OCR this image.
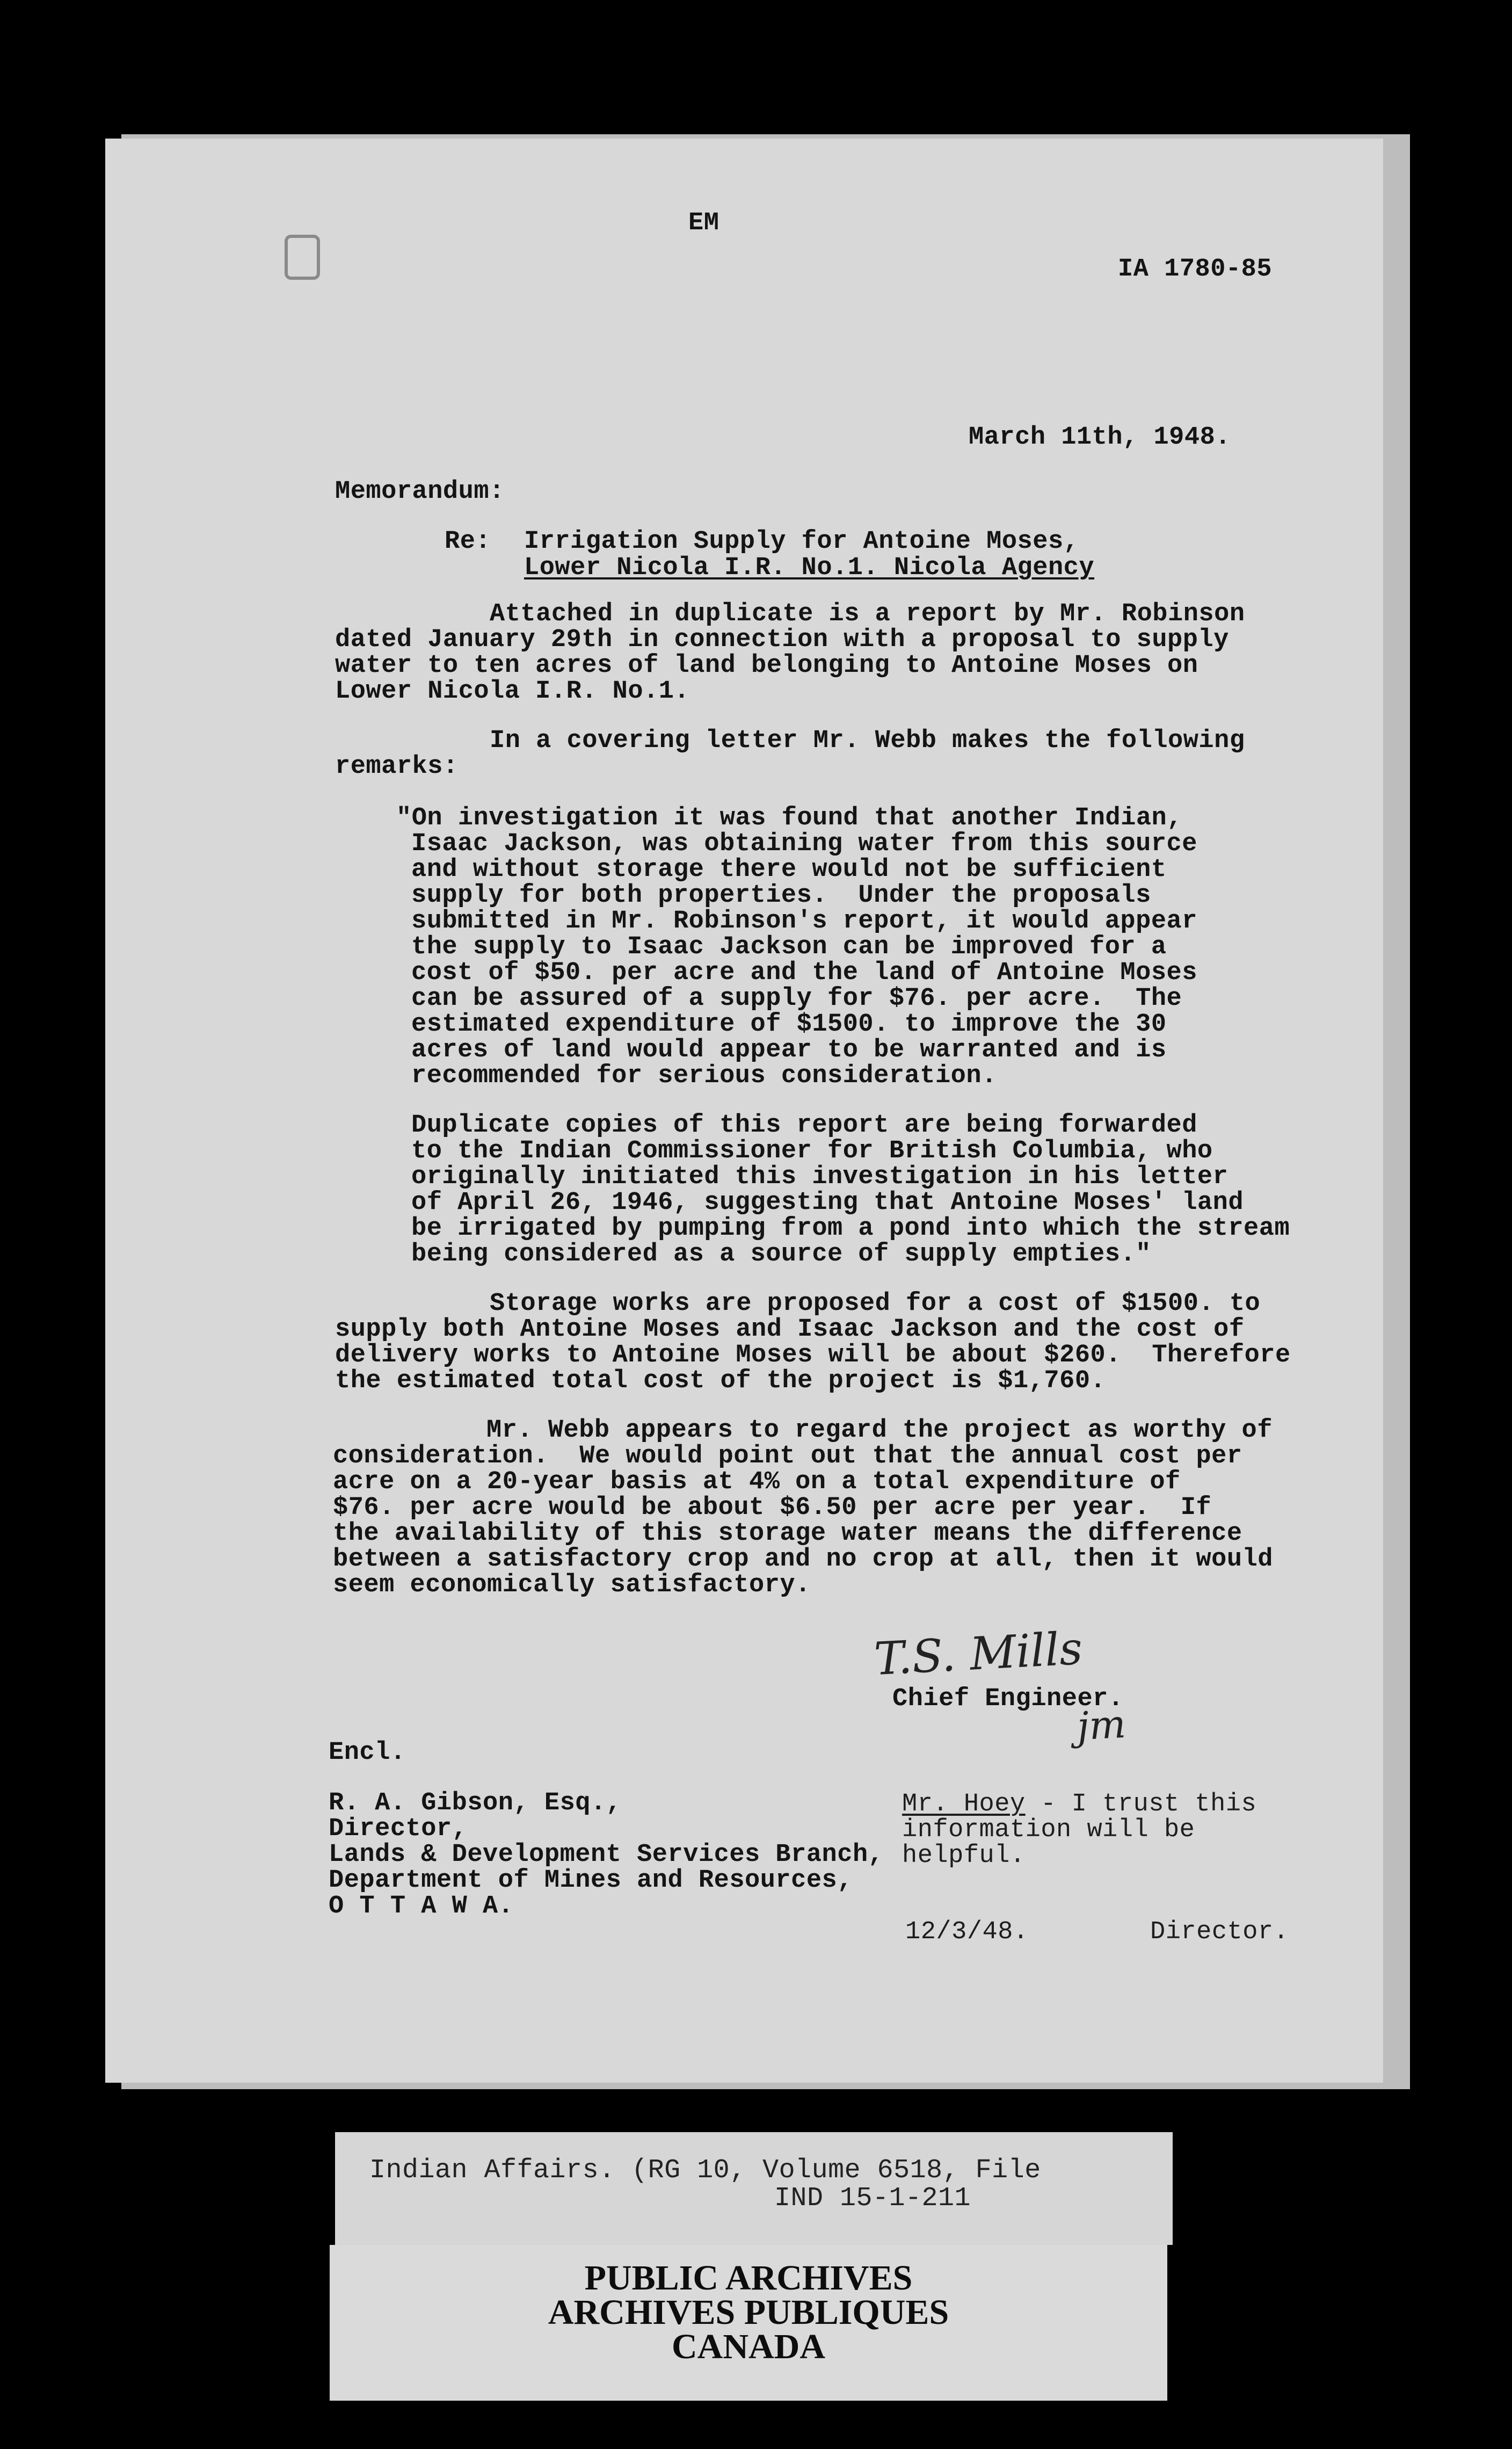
EM
IA 1780-85
March 11th, 1948.
Memorandum:
Re: Irrigation Supply for Antoine Moses,
Lower Nicola I.R. No.1. Nicola Agency
Attached in duplicate is a report by Mr. Robinson
dated January 29th in connection with a proposal to supply
water to ten acres of land belonging to Antoine Moses on
Lower Nicola I.R. No.1.
In a covering letter Mr. Webb makes the following
remarks:
"On investigation it was found that another Indian,
Isaac Jackson, was obtaining water from this source
and without storage there would not be sufficient
supply for both properties.  Under the proposals
submitted in Mr. Robinson's report, it would appear
the supply to Isaac Jackson can be improved for a
cost of $50. per acre and the land of Antoine Moses
can be assured of a supply for $76. per acre.  The
estimated expenditure of $1500. to improve the 30
acres of land would appear to be warranted and is
recommended for serious consideration.
Duplicate copies of this report are being forwarded
to the Indian Commissioner for British Columbia, who
originally initiated this investigation in his letter
of April 26, 1946, suggesting that Antoine Moses' land
be irrigated by pumping from a pond into which the stream
being considered as a source of supply empties."
Storage works are proposed for a cost of $1500. to
supply both Antoine Moses and Isaac Jackson and the cost of
delivery works to Antoine Moses will be about $260.  Therefore
the estimated total cost of the project is $1,760.
Mr. Webb appears to regard the project as worthy of
consideration.  We would point out that the annual cost per
acre on a 20-year basis at 4% on a total expenditure of
$76. per acre would be about $6.50 per acre per year.  If
the availability of this storage water means the difference
between a satisfactory crop and no crop at all, then it would
seem economically satisfactory.
T.S. Mills
Chief Engineer.
jm
Encl.
R. A. Gibson, Esq.,
Director,
Lands & Development Services Branch,
Department of Mines and Resources,
O T T A W A.
Mr. Hoey - I trust this
information will be
helpful.
12/3/48.	Director.
Indian Affairs. (RG 10, Volume 6518, File
IND 15-1-211
PUBLIC ARCHIVES
ARCHIVES PUBLIQUES
CANADA
